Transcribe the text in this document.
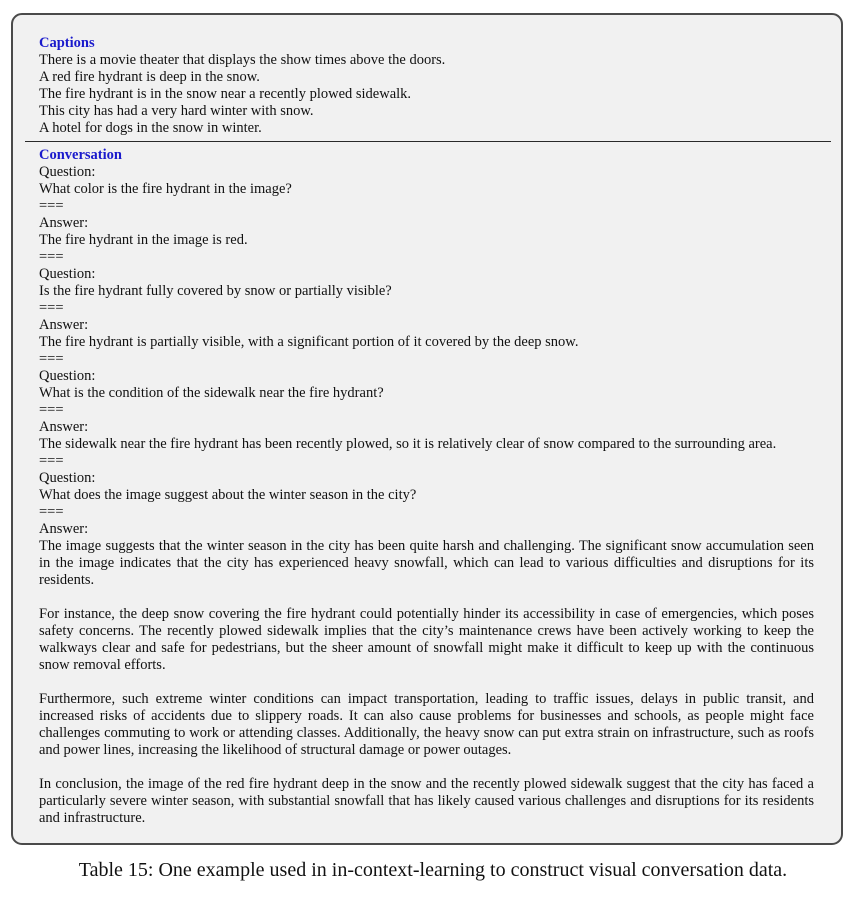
Captions
There is a movie theater that displays the show times above the doors.
A red fire hydrant is deep in the snow.
The fire hydrant is in the snow near a recently plowed sidewalk.
This city has had a very hard winter with snow.
A hotel for dogs in the snow in winter.
Conversation
Question:
What color is the fire hydrant in the image?
===
Answer:
The fire hydrant in the image is red.
===
Question:
Is the fire hydrant fully covered by snow or partially visible?
===
Answer:
The fire hydrant is partially visible, with a significant portion of it covered by the deep snow.
===
Question:
What is the condition of the sidewalk near the fire hydrant?
===
Answer:
The sidewalk near the fire hydrant has been recently plowed, so it is relatively clear of snow compared to the surrounding area.
===
Question:
What does the image suggest about the winter season in the city?
===
Answer:
The image suggests that the winter season in the city has been quite harsh and challenging. The significant snow accumulation seen in the image indicates that the city has experienced heavy snowfall, which can lead to various difficulties and disruptions for its residents.
For instance, the deep snow covering the fire hydrant could potentially hinder its accessibility in case of emergencies, which poses safety concerns. The recently plowed sidewalk implies that the city’s maintenance crews have been actively working to keep the walkways clear and safe for pedestrians, but the sheer amount of snowfall might make it difficult to keep up with the continuous snow removal efforts.
Furthermore, such extreme winter conditions can impact transportation, leading to traffic issues, delays in public transit, and increased risks of accidents due to slippery roads. It can also cause problems for businesses and schools, as people might face challenges commuting to work or attending classes. Additionally, the heavy snow can put extra strain on infrastructure, such as roofs and power lines, increasing the likelihood of structural damage or power outages.
In conclusion, the image of the red fire hydrant deep in the snow and the recently plowed sidewalk suggest that the city has faced a particularly severe winter season, with substantial snowfall that has likely caused various challenges and disruptions for its residents and infrastructure.
Table 15: One example used in in-context-learning to construct visual conversation data.
